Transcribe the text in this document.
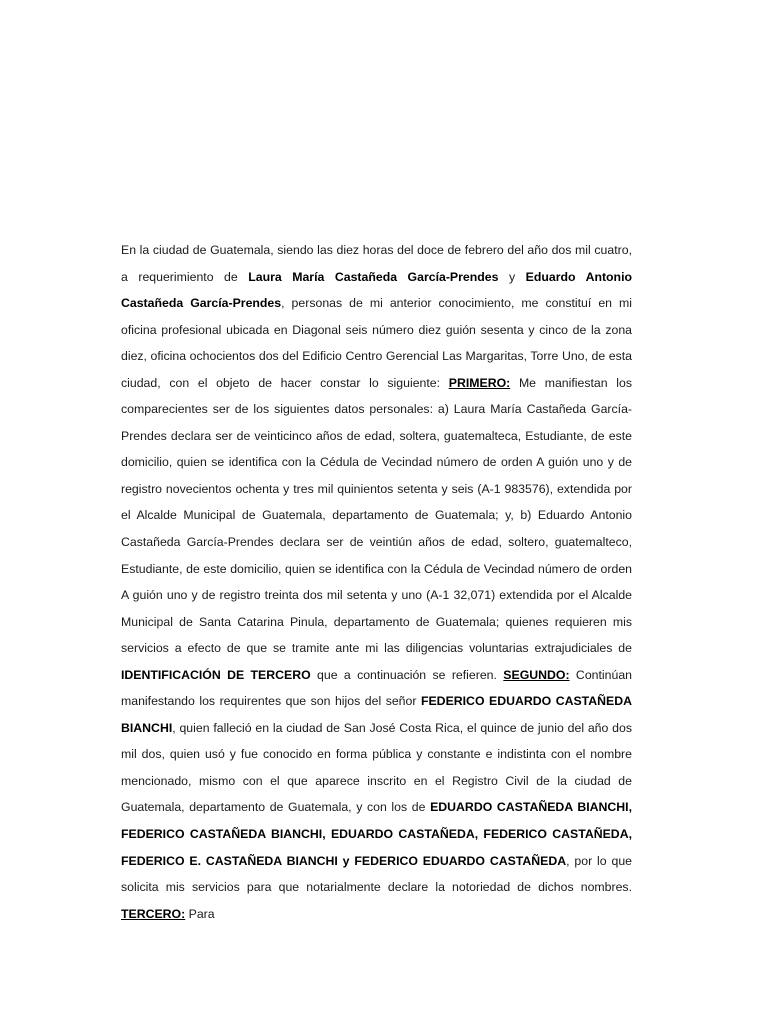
En la ciudad de Guatemala, siendo las diez horas del doce de febrero del año dos mil cuatro, a requerimiento de Laura María Castañeda García-Prendes y Eduardo Antonio Castañeda García-Prendes, personas de mi anterior conocimiento, me constituí en mi oficina profesional ubicada en Diagonal seis número diez guión sesenta y cinco de la zona diez, oficina ochocientos dos del Edificio Centro Gerencial Las Margaritas, Torre Uno, de esta ciudad, con el objeto de hacer constar lo siguiente: PRIMERO: Me manifiestan los comparecientes ser de los siguientes datos personales: a) Laura María Castañeda García-Prendes declara ser de veinticinco años de edad, soltera, guatemalteca, Estudiante, de este domicilio, quien se identifica con la Cédula de Vecindad número de orden A guión uno y de registro novecientos ochenta y tres mil quinientos setenta y seis (A-1 983576), extendida por el Alcalde Municipal de Guatemala, departamento de Guatemala; y, b) Eduardo Antonio Castañeda García-Prendes declara ser de veintiún años de edad, soltero, guatemalteco, Estudiante, de este domicilio, quien se identifica con la Cédula de Vecindad número de orden A guión uno y de registro treinta dos mil setenta y uno (A-1 32,071) extendida por el Alcalde Municipal de Santa Catarina Pinula, departamento de Guatemala; quienes requieren mis servicios a efecto de que se tramite ante mi las diligencias voluntarias extrajudiciales de IDENTIFICACIÓN DE TERCERO que a continuación se refieren. SEGUNDO: Continúan manifestando los requirentes que son hijos del señor FEDERICO EDUARDO CASTAÑEDA BIANCHI, quien falleció en la ciudad de San José Costa Rica, el quince de junio del año dos mil dos, quien usó y fue conocido en forma pública y constante e indistinta con el nombre mencionado, mismo con el que aparece inscrito en el Registro Civil de la ciudad de Guatemala, departamento de Guatemala, y con los de EDUARDO CASTAÑEDA BIANCHI, FEDERICO CASTAÑEDA BIANCHI, EDUARDO CASTAÑEDA, FEDERICO CASTAÑEDA, FEDERICO E. CASTAÑEDA BIANCHI y FEDERICO EDUARDO CASTAÑEDA, por lo que solicita mis servicios para que notarialmente declare la notoriedad de dichos nombres. TERCERO: Para
